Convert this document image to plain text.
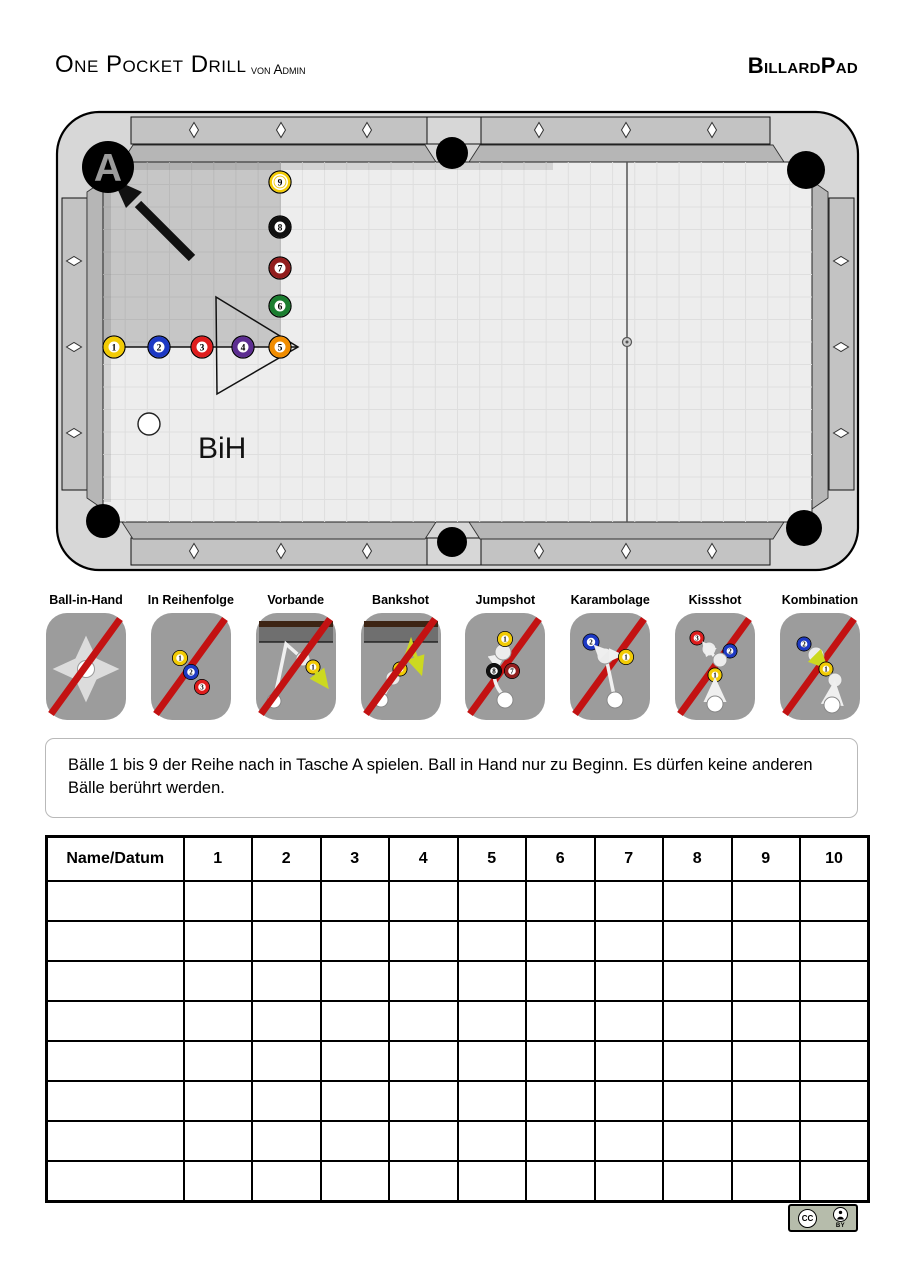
One Pocket Drill von Admin	BillardPad
A
1	2	3	4	5
6
7
8
9
BiH
Ball-in-Hand In Reihenfolge
1
2
3
Vorbande
1
Bankshot	Jumpshot
8 7
1
Karambolage
2
1
Kissshot
3
2
1
Kombination
2
1
Bälle 1 bis 9 der Reihe nach in Tasche A spielen. Ball in Hand nur zu Beginn. Es dürfen keine anderen Bälle berührt werden.
Name/Datum	1	2	3	4	5	6	7	8	9	10

CC
BY
